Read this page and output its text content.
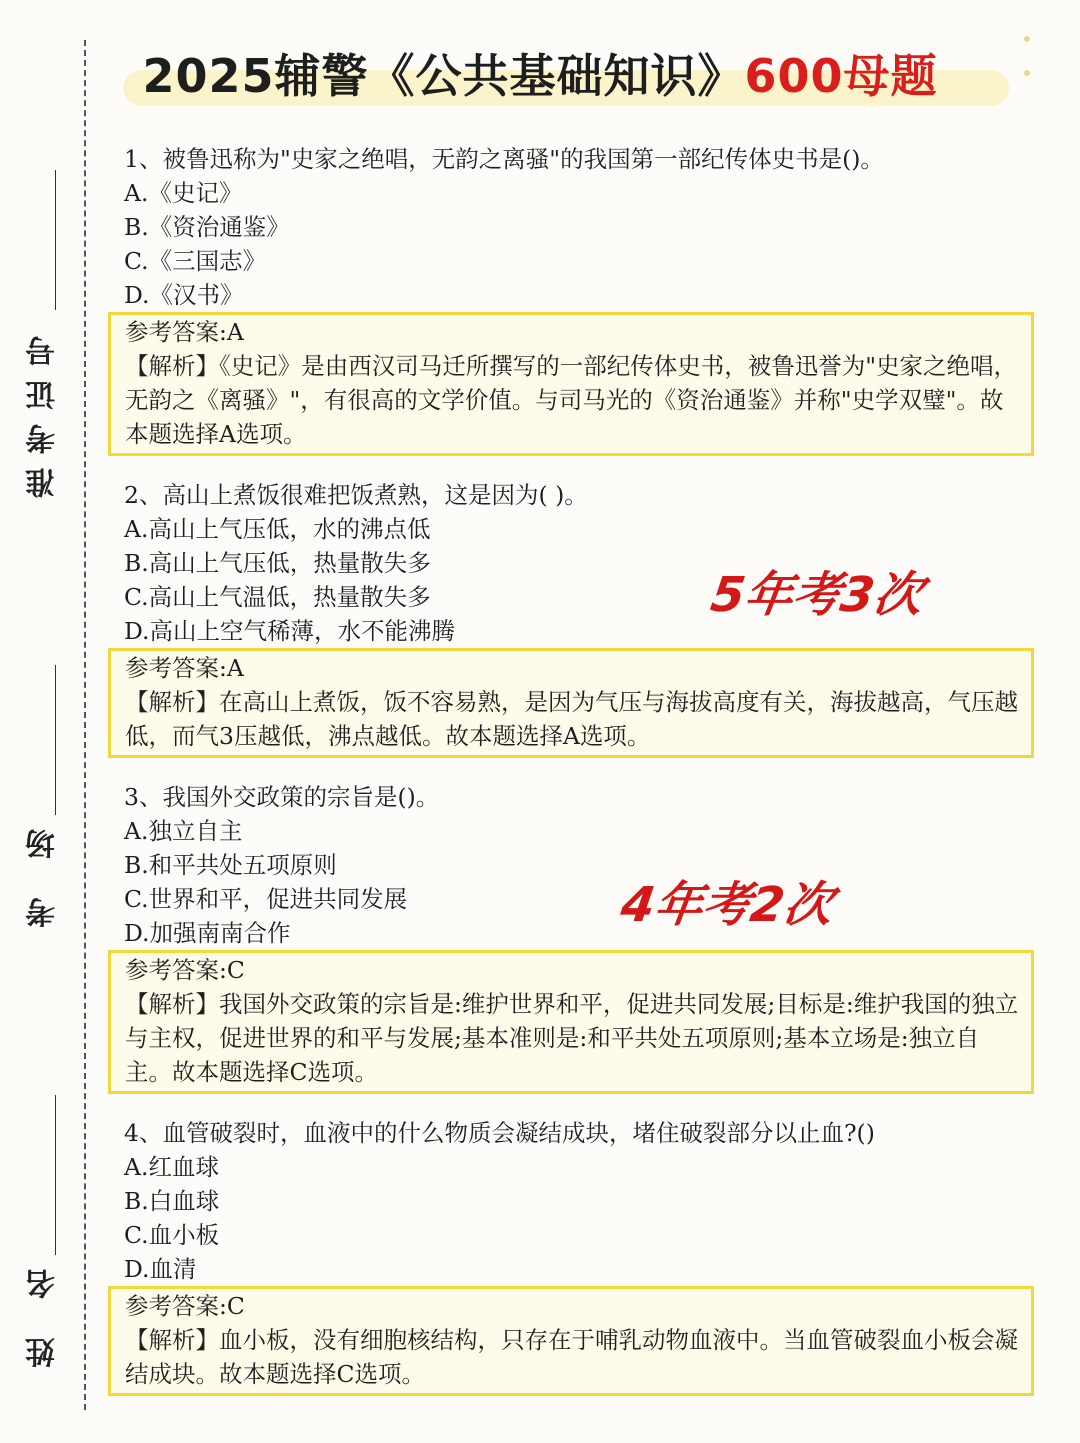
准考证号
考 场
姓 名
2025辅警《公共基础知识》600母题
1、被鲁迅称为"史家之绝唱，无韵之离骚"的我国第一部纪传体史书是()。
A.《史记》
B.《资治通鉴》
C.《三国志》
D.《汉书》
参考答案:A
【解析】《史记》是由西汉司马迁所撰写的一部纪传体史书，被鲁迅誉为"史家之绝唱，无韵之《离骚》"，有很高的文学价值。与司马光的《资治通鉴》并称"史学双璧"。故本题选择A选项。
2、高山上煮饭很难把饭煮熟，这是因为( )。
A.高山上气压低，水的沸点低
B.高山上气压低，热量散失多
C.高山上气温低，热量散失多
D.高山上空气稀薄，水不能沸腾
参考答案:A
【解析】在高山上煮饭，饭不容易熟，是因为气压与海拔高度有关，海拔越高，气压越低，而气3压越低，沸点越低。故本题选择A选项。
3、我国外交政策的宗旨是()。
A.独立自主
B.和平共处五项原则
C.世界和平，促进共同发展
D.加强南南合作
参考答案:C
【解析】我国外交政策的宗旨是:维护世界和平，促进共同发展;目标是:维护我国的独立与主权，促进世界的和平与发展;基本准则是:和平共处五项原则;基本立场是:独立自主。故本题选择C选项。
4、血管破裂时，血液中的什么物质会凝结成块，堵住破裂部分以止血?()
A.红血球
B.白血球
C.血小板
D.血清
参考答案:C
【解析】血小板，没有细胞核结构，只存在于哺乳动物血液中。当血管破裂血小板会凝结成块。故本题选择C选项。
5年考3次
4年考2次
